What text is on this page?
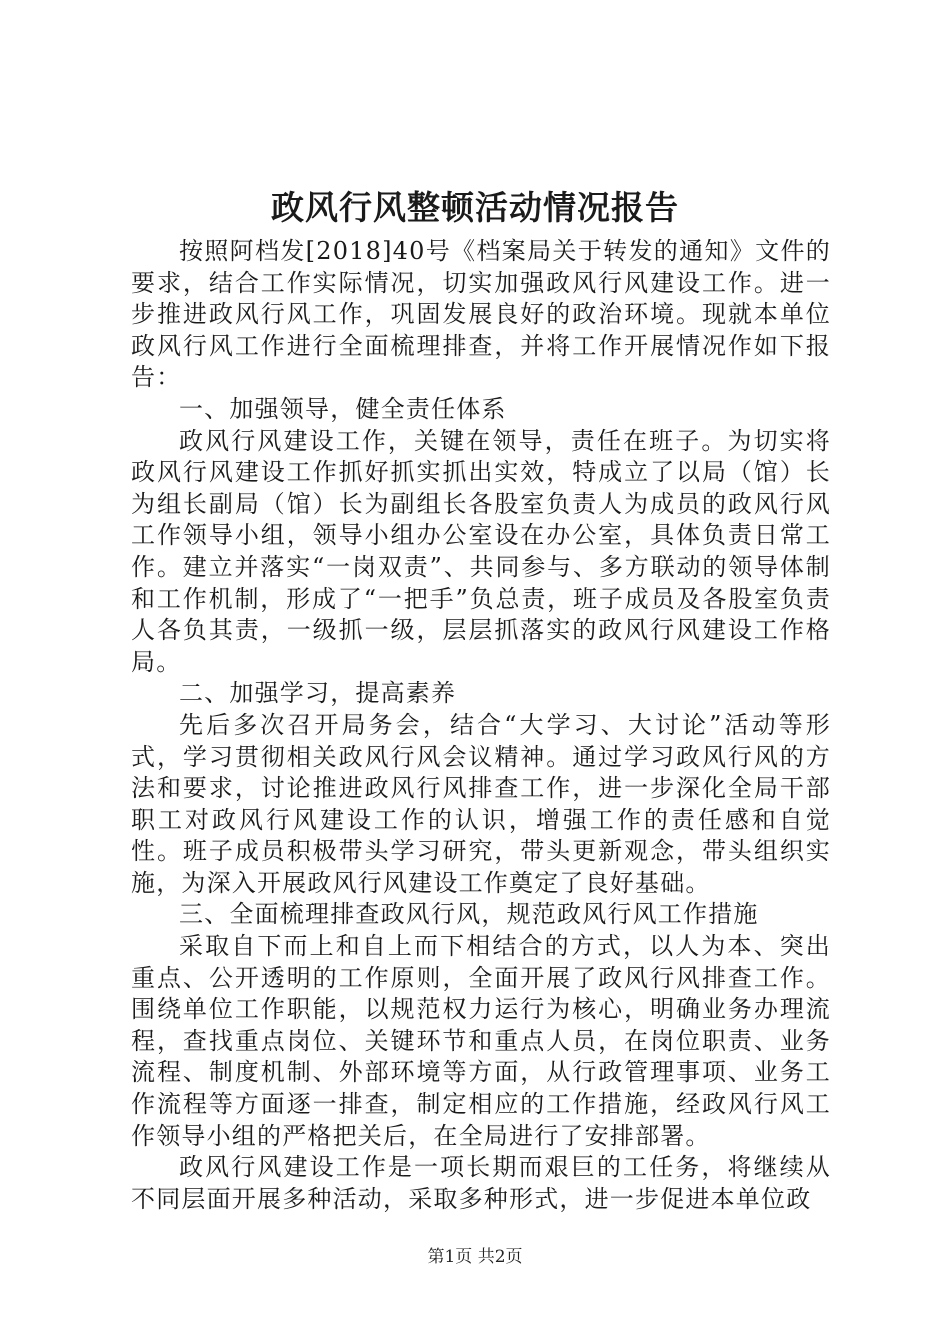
政风行风整顿活动情况报告

按照阿档发[2018]40号《档案局关于转发的通知》文件的要求，结合工作实际情况，切实加强政风行风建设工作。进一步推进政风行风工作，巩固发展良好的政治环境。现就本单位政风行风工作进行全面梳理排查，并将工作开展情况作如下报告：

一、加强领导，健全责任体系

政风行风建设工作，关键在领导，责任在班子。为切实将政风行风建设工作抓好抓实抓出实效，特成立了以局（馆）长为组长副局（馆）长为副组长各股室负责人为成员的政风行风工作领导小组，领导小组办公室设在办公室，具体负责日常工作。建立并落实“一岗双责”、共同参与、多方联动的领导体制和工作机制，形成了“一把手”负总责，班子成员及各股室负责人各负其责，一级抓一级，层层抓落实的政风行风建设工作格局。

二、加强学习，提高素养

先后多次召开局务会，结合“大学习、大讨论”活动等形式，学习贯彻相关政风行风会议精神。通过学习政风行风的方法和要求，讨论推进政风行风排查工作，进一步深化全局干部职工对政风行风建设工作的认识，增强工作的责任感和自觉性。班子成员积极带头学习研究，带头更新观念，带头组织实施，为深入开展政风行风建设工作奠定了良好基础。

三、全面梳理排查政风行风，规范政风行风工作措施

采取自下而上和自上而下相结合的方式，以人为本、突出重点、公开透明的工作原则，全面开展了政风行风排查工作。围绕单位工作职能，以规范权力运行为核心，明确业务办理流程，查找重点岗位、关键环节和重点人员，在岗位职责、业务流程、制度机制、外部环境等方面，从行政管理事项、业务工作流程等方面逐一排查，制定相应的工作措施，经政风行风工作领导小组的严格把关后，在全局进行了安排部署。

政风行风建设工作是一项长期而艰巨的工任务，将继续从不同层面开展多种活动，采取多种形式，进一步促进本单位政

第1页 共2页
